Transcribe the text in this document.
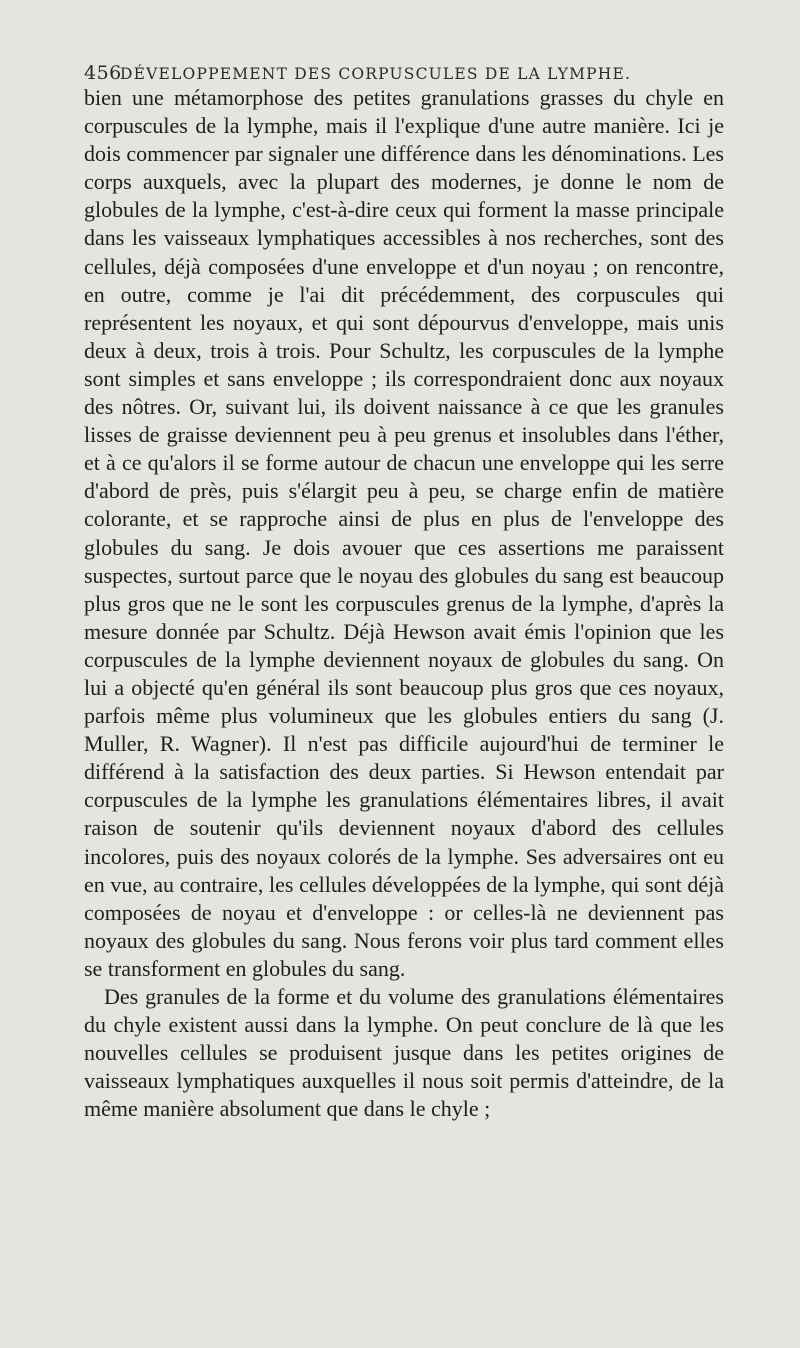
456
DÉVELOPPEMENT DES CORPUSCULES DE LA LYMPHE.

bien une métamorphose des petites granulations grasses du chyle en corpuscules de la lymphe, mais il l'explique d'une autre manière. Ici je dois commencer par signaler une différence dans les dénominations. Les corps auxquels, avec la plupart des modernes, je donne le nom de globules de la lymphe, c'est-à-dire ceux qui forment la masse principale dans les vaisseaux lymphatiques accessibles à nos recherches, sont des cellules, déjà composées d'une enveloppe et d'un noyau ; on rencontre, en outre, comme je l'ai dit précédemment, des corpuscules qui représentent les noyaux, et qui sont dépourvus d'enveloppe, mais unis deux à deux, trois à trois. Pour Schultz, les corpuscules de la lymphe sont simples et sans enveloppe ; ils correspondraient donc aux noyaux des nôtres. Or, suivant lui, ils doivent naissance à ce que les granules lisses de graisse deviennent peu à peu grenus et insolubles dans l'éther, et à ce qu'alors il se forme autour de chacun une enveloppe qui les serre d'abord de près, puis s'élargit peu à peu, se charge enfin de matière colorante, et se rapproche ainsi de plus en plus de l'enveloppe des globules du sang. Je dois avouer que ces assertions me paraissent suspectes, surtout parce que le noyau des globules du sang est beaucoup plus gros que ne le sont les corpuscules grenus de la lymphe, d'après la mesure donnée par Schultz. Déjà Hewson avait émis l'opinion que les corpuscules de la lymphe deviennent noyaux de globules du sang. On lui a objecté qu'en général ils sont beaucoup plus gros que ces noyaux, parfois même plus volumineux que les globules entiers du sang (J. Muller, R. Wagner). Il n'est pas difficile aujourd'hui de terminer le différend à la satisfaction des deux parties. Si Hewson entendait par corpuscules de la lymphe les granulations élémentaires libres, il avait raison de soutenir qu'ils deviennent noyaux d'abord des cellules incolores, puis des noyaux colorés de la lymphe. Ses adversaires ont eu en vue, au contraire, les cellules développées de la lymphe, qui sont déjà composées de noyau et d'enveloppe : or celles-là ne deviennent pas noyaux des globules du sang. Nous ferons voir plus tard comment elles se transforment en globules du sang.

Des granules de la forme et du volume des granulations élémentaires du chyle existent aussi dans la lymphe. On peut conclure de là que les nouvelles cellules se produisent jusque dans les petites origines de vaisseaux lymphatiques auxquelles il nous soit permis d'atteindre, de la même manière absolument que dans le chyle ;
